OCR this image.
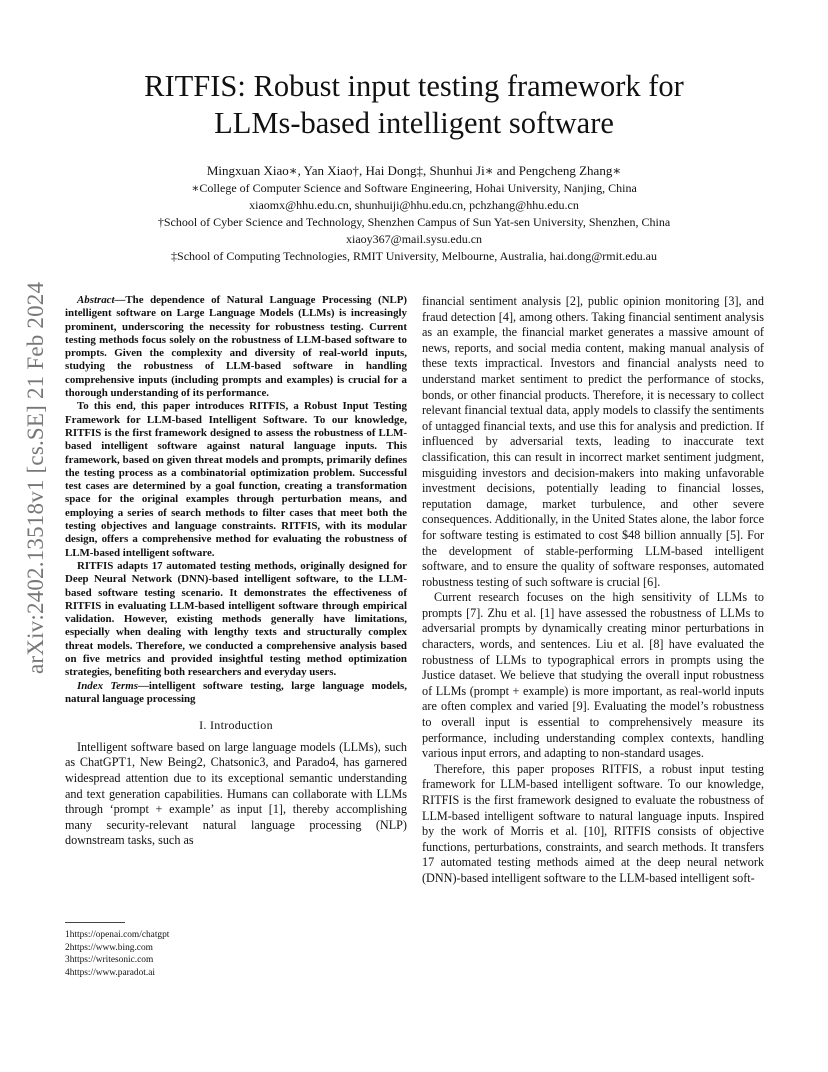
arXiv:2402.13518v1 [cs.SE] 21 Feb 2024
RITFIS: Robust input testing framework for
LLMs-based intelligent software
Mingxuan Xiao∗, Yan Xiao†, Hai Dong‡, Shunhui Ji∗ and Pengcheng Zhang∗
∗College of Computer Science and Software Engineering, Hohai University, Nanjing, China
xiaomx@hhu.edu.cn, shunhuiji@hhu.edu.cn, pchzhang@hhu.edu.cn
†School of Cyber Science and Technology, Shenzhen Campus of Sun Yat-sen University, Shenzhen, China
xiaoy367@mail.sysu.edu.cn
‡School of Computing Technologies, RMIT University, Melbourne, Australia, hai.dong@rmit.edu.au

Abstract—The dependence of Natural Language Processing (NLP) intelligent software on Large Language Models (LLMs) is increasingly prominent, underscoring the necessity for robustness testing. Current testing methods focus solely on the robustness of LLM-based software to prompts. Given the complexity and diversity of real-world inputs, studying the robustness of LLM-based software in handling comprehensive inputs (including prompts and examples) is crucial for a thorough understanding of its performance.

To this end, this paper introduces RITFIS, a Robust Input Testing Framework for LLM-based Intelligent Software. To our knowledge, RITFIS is the first framework designed to assess the robustness of LLM-based intelligent software against natural language inputs. This framework, based on given threat models and prompts, primarily defines the testing process as a combinatorial optimization problem. Successful test cases are determined by a goal function, creating a transformation space for the original examples through perturbation means, and employing a series of search methods to filter cases that meet both the testing objectives and language constraints. RITFIS, with its modular design, offers a comprehensive method for evaluating the robustness of LLM-based intelligent software.

RITFIS adapts 17 automated testing methods, originally designed for Deep Neural Network (DNN)-based intelligent software, to the LLM-based software testing scenario. It demonstrates the effectiveness of RITFIS in evaluating LLM-based intelligent software through empirical validation. However, existing methods generally have limitations, especially when dealing with lengthy texts and structurally complex threat models. Therefore, we conducted a comprehensive analysis based on five metrics and provided insightful testing method optimization strategies, benefiting both researchers and everyday users.

Index Terms—intelligent software testing, large language models, natural language processing

I. Introduction

Intelligent software based on large language models (LLMs), such as ChatGPT1, New Being2, Chatsonic3, and Parado4, has garnered widespread attention due to its exceptional semantic understanding and text generation capabilities. Humans can collaborate with LLMs through ‘prompt + example’ as input [1], thereby accomplishing many security-relevant natural language processing (NLP) downstream tasks, such as

financial sentiment analysis [2], public opinion monitoring [3], and fraud detection [4], among others. Taking financial sentiment analysis as an example, the financial market generates a massive amount of news, reports, and social media content, making manual analysis of these texts impractical. Investors and financial analysts need to understand market sentiment to predict the performance of stocks, bonds, or other financial products. Therefore, it is necessary to collect relevant financial textual data, apply models to classify the sentiments of untagged financial texts, and use this for analysis and prediction. If influenced by adversarial texts, leading to inaccurate text classification, this can result in incorrect market sentiment judgment, misguiding investors and decision-makers into making unfavorable investment decisions, potentially leading to financial losses, reputation damage, market turbulence, and other severe consequences. Additionally, in the United States alone, the labor force for software testing is estimated to cost $48 billion annually [5]. For the development of stable-performing LLM-based intelligent software, and to ensure the quality of software responses, automated robustness testing of such software is crucial [6].

Current research focuses on the high sensitivity of LLMs to prompts [7]. Zhu et al. [1] have assessed the robustness of LLMs to adversarial prompts by dynamically creating minor perturbations in characters, words, and sentences. Liu et al. [8] have evaluated the robustness of LLMs to typographical errors in prompts using the Justice dataset. We believe that studying the overall input robustness of LLMs (prompt + example) is more important, as real-world inputs are often complex and varied [9]. Evaluating the model’s robustness to overall input is essential to comprehensively measure its performance, including understanding complex contexts, handling various input errors, and adapting to non-standard usages.

Therefore, this paper proposes RITFIS, a robust input testing framework for LLM-based intelligent software. To our knowledge, RITFIS is the first framework designed to evaluate the robustness of LLM-based intelligent software to natural language inputs. Inspired by the work of Morris et al. [10], RITFIS consists of objective functions, perturbations, constraints, and search methods. It transfers 17 automated testing methods aimed at the deep neural network (DNN)-based intelligent software to the LLM-based intelligent soft-

1https://openai.com/chatgpt
2https://www.bing.com
3https://writesonic.com
4https://www.paradot.ai
